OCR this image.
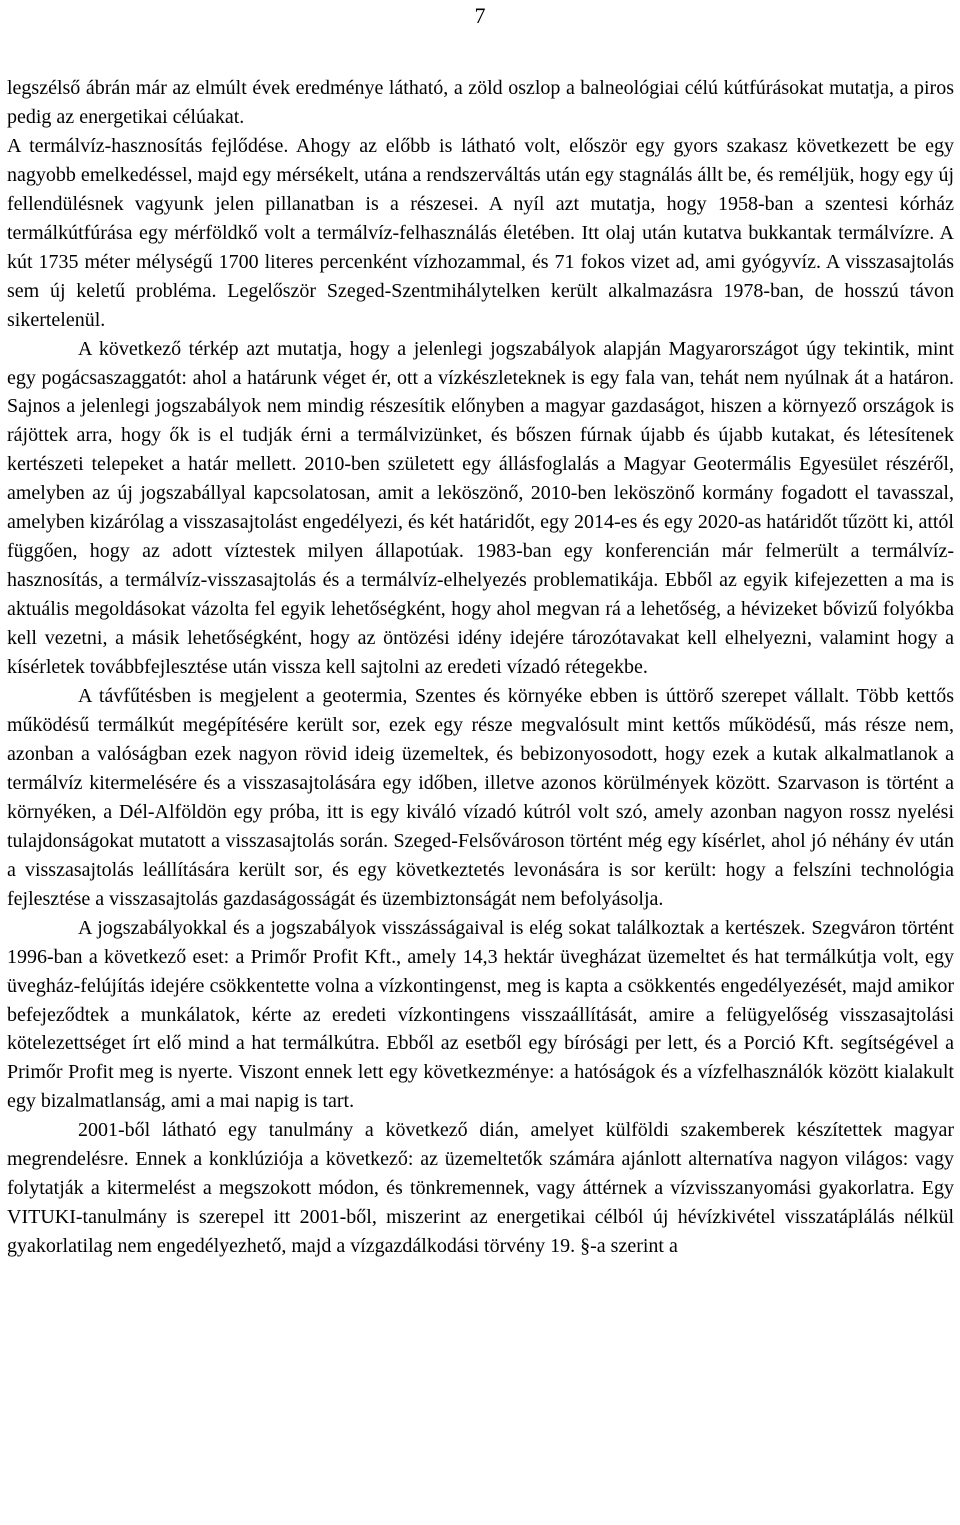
7

legszélső ábrán már az elmúlt évek eredménye látható, a zöld oszlop a balneológiai célú kútfúrásokat mutatja, a piros pedig az energetikai célúakat.

A termálvíz-hasznosítás fejlődése. Ahogy az előbb is látható volt, először egy gyors szakasz következett be egy nagyobb emelkedéssel, majd egy mérsékelt, utána a rendszerváltás után egy stagnálás állt be, és reméljük, hogy egy új fellendülésnek vagyunk jelen pillanatban is a részesei. A nyíl azt mutatja, hogy 1958-ban a szentesi kórház termálkútfúrása egy mérföldkő volt a termálvíz-felhasználás életében. Itt olaj után kutatva bukkantak termálvízre. A kút 1735 méter mélységű 1700 literes percenként vízhozammal, és 71 fokos vizet ad, ami gyógyvíz. A visszasajtolás sem új keletű probléma. Legelőször Szeged-Szentmihálytelken került alkalmazásra 1978-ban, de hosszú távon sikertelenül.

A következő térkép azt mutatja, hogy a jelenlegi jogszabályok alapján Magyarországot úgy tekintik, mint egy pogácsaszaggatót: ahol a határunk véget ér, ott a vízkészleteknek is egy fala van, tehát nem nyúlnak át a határon. Sajnos a jelenlegi jogszabályok nem mindig részesítik előnyben a magyar gazdaságot, hiszen a környező országok is rájöttek arra, hogy ők is el tudják érni a termálvizünket, és bőszen fúrnak újabb és újabb kutakat, és létesítenek kertészeti telepeket a határ mellett. 2010-ben született egy állásfoglalás a Magyar Geotermális Egyesület részéről, amelyben az új jogszabállyal kapcsolatosan, amit a leköszönő, 2010-ben leköszönő kormány fogadott el tavasszal, amelyben kizárólag a visszasajtolást engedélyezi, és két határidőt, egy 2014-es és egy 2020-as határidőt tűzött ki, attól függően, hogy az adott víztestek milyen állapotúak. 1983-ban egy konferencián már felmerült a termálvíz-hasznosítás, a termálvíz-visszasajtolás és a termálvíz-elhelyezés problematikája. Ebből az egyik kifejezetten a ma is aktuális megoldásokat vázolta fel egyik lehetőségként, hogy ahol megvan rá a lehetőség, a hévizeket bővizű folyókba kell vezetni, a másik lehetőségként, hogy az öntözési idény idejére tározótavakat kell elhelyezni, valamint hogy a kísérletek továbbfejlesztése után vissza kell sajtolni az eredeti vízadó rétegekbe.

A távfűtésben is megjelent a geotermia, Szentes és környéke ebben is úttörő szerepet vállalt. Több kettős működésű termálkút megépítésére került sor, ezek egy része megvalósult mint kettős működésű, más része nem, azonban a valóságban ezek nagyon rövid ideig üzemeltek, és bebizonyosodott, hogy ezek a kutak alkalmatlanok a termálvíz kitermelésére és a visszasajtolására egy időben, illetve azonos körülmények között. Szarvason is történt a környéken, a Dél-Alföldön egy próba, itt is egy kiváló vízadó kútról volt szó, amely azonban nagyon rossz nyelési tulajdonságokat mutatott a visszasajtolás során. Szeged-Felsővároson történt még egy kísérlet, ahol jó néhány év után a visszasajtolás leállítására került sor, és egy következtetés levonására is sor került: hogy a felszíni technológia fejlesztése a visszasajtolás gazdaságosságát és üzembiztonságát nem befolyásolja.

A jogszabályokkal és a jogszabályok visszásságaival is elég sokat találkoztak a kertészek. Szegváron történt 1996-ban a következő eset: a Primőr Profit Kft., amely 14,3 hektár üvegházat üzemeltet és hat termálkútja volt, egy üvegház-felújítás idejére csökkentette volna a vízkontingenst, meg is kapta a csökkentés engedélyezését, majd amikor befejeződtek a munkálatok, kérte az eredeti vízkontingens visszaállítását, amire a felügyelőség visszasajtolási kötelezettséget írt elő mind a hat termálkútra. Ebből az esetből egy bírósági per lett, és a Porció Kft. segítségével a Primőr Profit meg is nyerte. Viszont ennek lett egy következménye: a hatóságok és a vízfelhasználók között kialakult egy bizalmatlanság, ami a mai napig is tart.

2001-ből látható egy tanulmány a következő dián, amelyet külföldi szakemberek készítettek magyar megrendelésre. Ennek a konklúziója a következő: az üzemeltetők számára ajánlott alternatíva nagyon világos: vagy folytatják a kitermelést a megszokott módon, és tönkremennek, vagy áttérnek a vízvisszanyomási gyakorlatra. Egy VITUKI-tanulmány is szerepel itt 2001-ből, miszerint az energetikai célból új hévízkivétel visszatáplálás nélkül gyakorlatilag nem engedélyezhető, majd a vízgazdálkodási törvény 19. §-a szerint a
